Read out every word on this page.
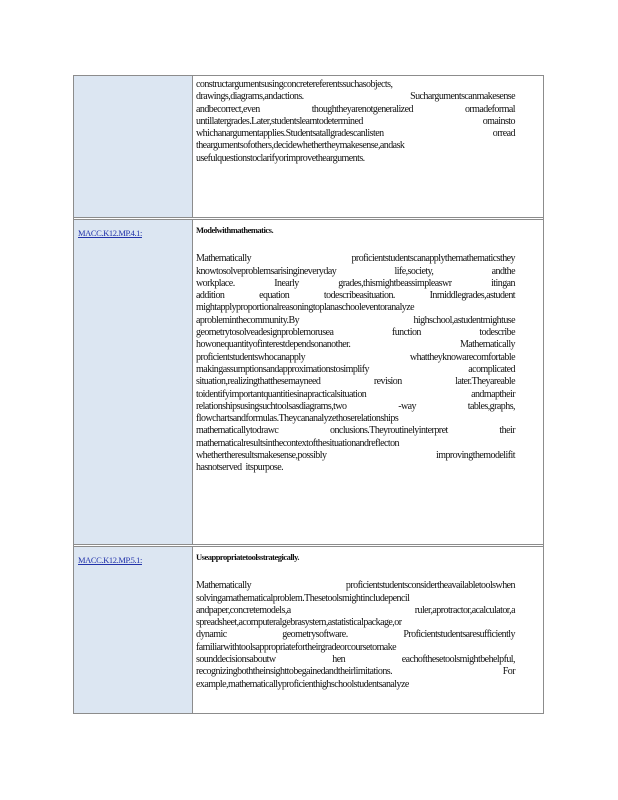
constructargumentsusingconcretereferentssuchasobjects,

drawings,diagrams,andactions. Suchargumentscanmakesense

andbecorrect,even thoughtheyarenotgeneralized ormadeformal

untillatergrades.Later,studentslearntodetermined omainsto

whichanargumentapplies.Studentsatallgradescanlisten orread

theargumentsofothers,decidewhethertheymakesense,andask

usefulquestionstoclarifyorimprovethearguments.

MACC.K12.MP.4.1:	Modelwithmathematics.

Mathematically proficientstudentscanapplythemathematicsthey

knowtosolveproblemsarisingineveryday life,society, andthe

workplace. Inearly grades,thismightbeassimpleaswr itingan

addition equation todescribeasituation. Inmiddlegrades,astudent

mightapplyproportionalreasoningtoplanaschooleventoranalyze

aprobleminthecommunity.By highschool,astudentmightuse

geometrytosolveadesignproblemorusea function todescribe

howonequantityofinterestdependsonanother. Mathematically

proficientstudentswhocanapply whattheyknowarecomfortable

makingassumptionsandapproximationstosimplify acomplicated

situation,realizingthatthesemayneed revision later.Theyareable

toidentifyimportantquantitiesinapracticalsituation andmaptheir

relationshipsusingsuchtoolsasdiagrams,two -way tables,graphs,

flowchartsandformulas.Theycananalyzethoserelationships

mathematicallytodrawc onclusions.Theyroutinelyinterpret their

mathematicalresultsinthecontextofthesituationandreflecton

whethertheresultsmakesense,possibly improvingthemodelifit

hasnotserved itspurpose.

MACC.K12.MP.5.1:	Useappropriatetoolsstrategically.

Mathematically proficientstudentsconsidertheavailabletoolswhen

solvingamathematicalproblem.Thesetoolsmightincludepencil

andpaper,concretemodels,a ruler,aprotractor,acalculator,a

spreadsheet,acomputeralgebrasystem,astatisticalpackage,or

dynamic geometrysoftware. Proficientstudentsaresufficiently

familiarwithtoolsappropriatefortheirgradeorcoursetomake

sounddecisionsaboutw hen eachofthesetoolsmightbehelpful,

recognizingboththeinsighttobegainedandtheirlimitations. For

example,mathematicallyproficienthighschoolstudentsanalyze
